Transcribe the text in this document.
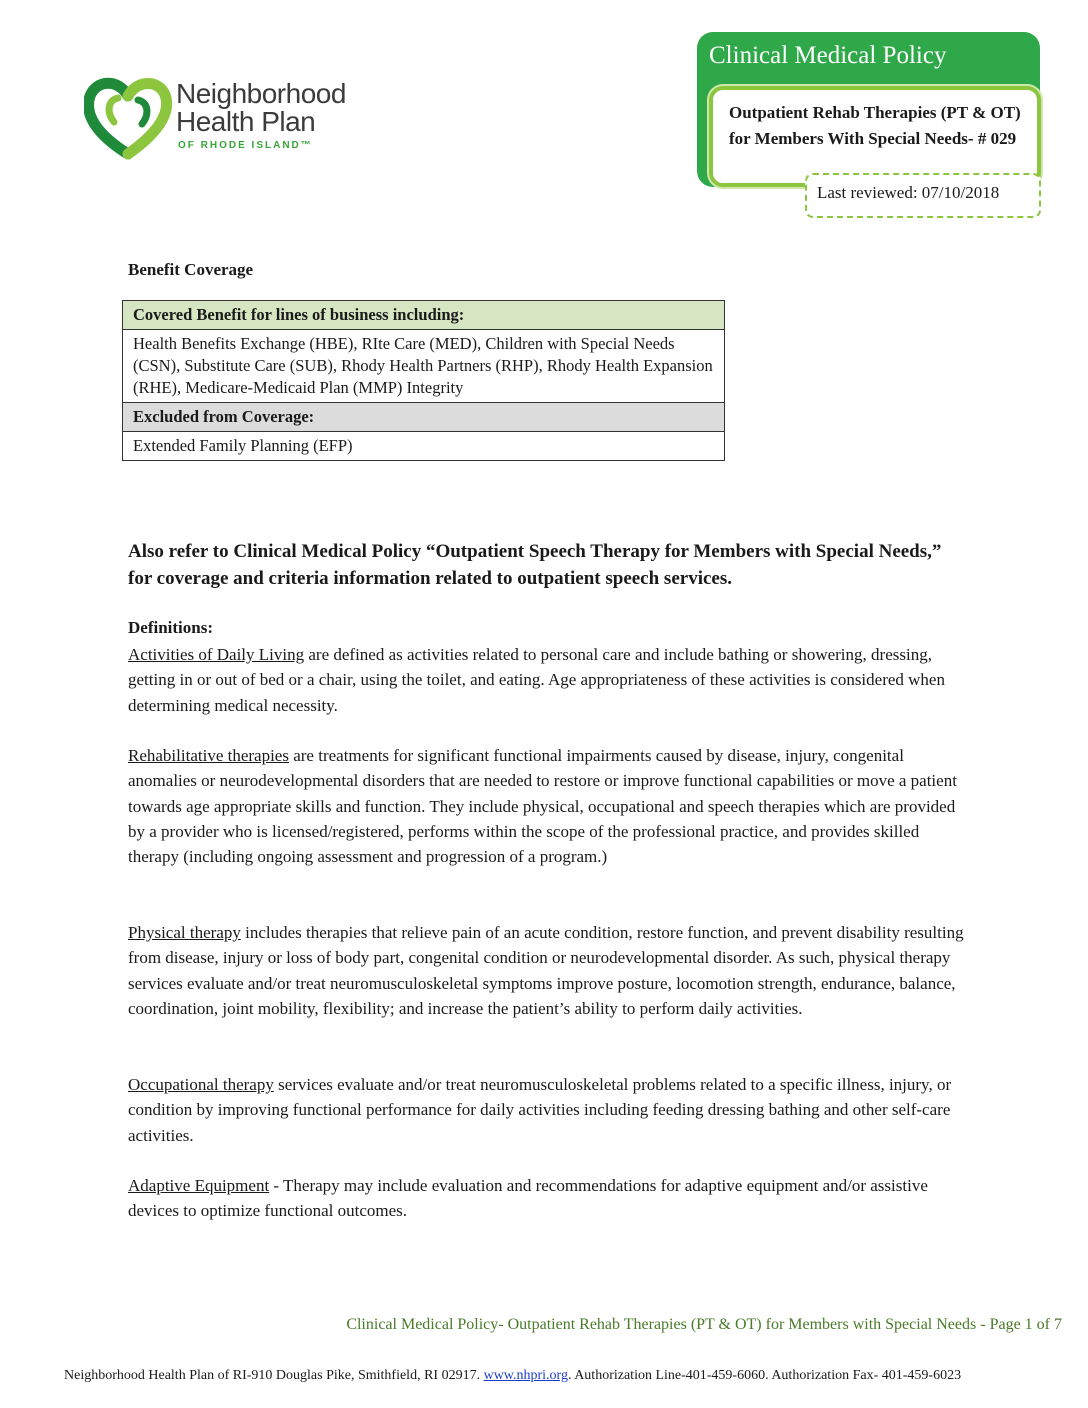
Neighborhood
Health Plan
OF RHODE ISLAND™
Clinical Medical Policy
Outpatient Rehab Therapies (PT & OT) for Members With Special Needs- # 029
Last reviewed: 07/10/2018
Benefit Coverage
Covered Benefit for lines of business including:
Health Benefits Exchange (HBE), RIte Care (MED), Children with Special Needs (CSN), Substitute Care (SUB), Rhody Health Partners (RHP), Rhody Health Expansion (RHE), Medicare-Medicaid Plan (MMP) Integrity
Excluded from Coverage:
Extended Family Planning (EFP)
Also refer to Clinical Medical Policy “Outpatient Speech Therapy for Members with Special Needs,” for coverage and criteria information related to outpatient speech services.
Definitions:
Activities of Daily Living are defined as activities related to personal care and include bathing or showering, dressing, getting in or out of bed or a chair, using the toilet, and eating. Age appropriateness of these activities is considered when determining medical necessity.
Rehabilitative therapies are treatments for significant functional impairments caused by disease, injury, congenital anomalies or neurodevelopmental disorders that are needed to restore or improve functional capabilities or move a patient towards age appropriate skills and function. They include physical, occupational and speech therapies which are provided by a provider who is licensed/registered, performs within the scope of the professional practice, and provides skilled therapy (including ongoing assessment and progression of a program.)
Physical therapy includes therapies that relieve pain of an acute condition, restore function, and prevent disability resulting from disease, injury or loss of body part, congenital condition or neurodevelopmental disorder. As such, physical therapy services evaluate and/or treat neuromusculoskeletal symptoms improve posture, locomotion strength, endurance, balance, coordination, joint mobility, flexibility; and increase the patient’s ability to perform daily activities.
Occupational therapy services evaluate and/or treat neuromusculoskeletal problems related to a specific illness, injury, or condition by improving functional performance for daily activities including feeding dressing bathing and other self-care activities.
Adaptive Equipment - Therapy may include evaluation and recommendations for adaptive equipment and/or assistive devices to optimize functional outcomes.
Clinical Medical Policy- Outpatient Rehab Therapies (PT & OT) for Members with Special Needs - Page 1 of 7
Neighborhood Health Plan of RI-910 Douglas Pike, Smithfield, RI 02917. www.nhpri.org. Authorization Line-401-459-6060. Authorization Fax- 401-459-6023
